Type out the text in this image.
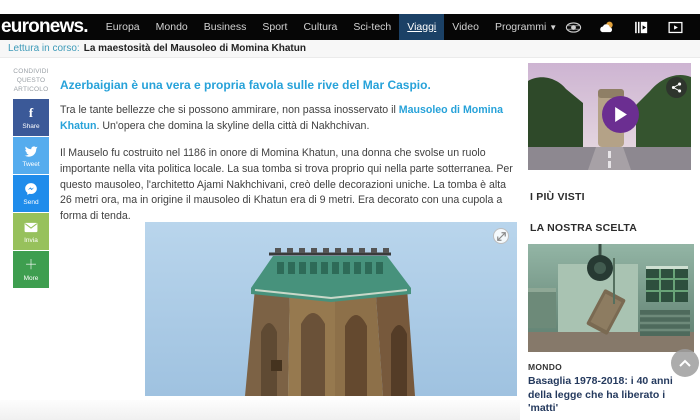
euronews.	Europa	Mondo	Business	Sport	Cultura	Sci-tech	Viaggi	Video	Programmi ▼
Lettura in corso: La maestosità del Mausoleo di Momina Khatun
CONDIVIDI QUESTO ARTICOLO
f
Share
Tweet
Send
Invia
＋
More
Azerbaigian è una vera e propria favola sulle rive del Mar Caspio.

Tra le tante bellezze che si possono ammirare, non passa inosservato il Mausoleo di Momina Khatun. Un'opera che domina la skyline della città di Nakhchivan.

Il Mauselo fu costruito nel 1186 in onore di Momina Khatun, una donna che svolse un ruolo importante nella vita politica locale. La sua tomba si trova proprio qui nella parte sotterranea. Per questo mausoleo, l'architetto Ajami Nakhchivani, creò delle decorazioni uniche. La tomba è alta 26 metri ora, ma in origine il mausoleo di Khatun era di 9 metri. Era decorato con una cupola a forma di tenda.

I PIÙ VISTI
LA NOSTRA SCELTA
MONDO
Basaglia 1978-2018: i 40 anni della legge che ha liberato i 'matti'
